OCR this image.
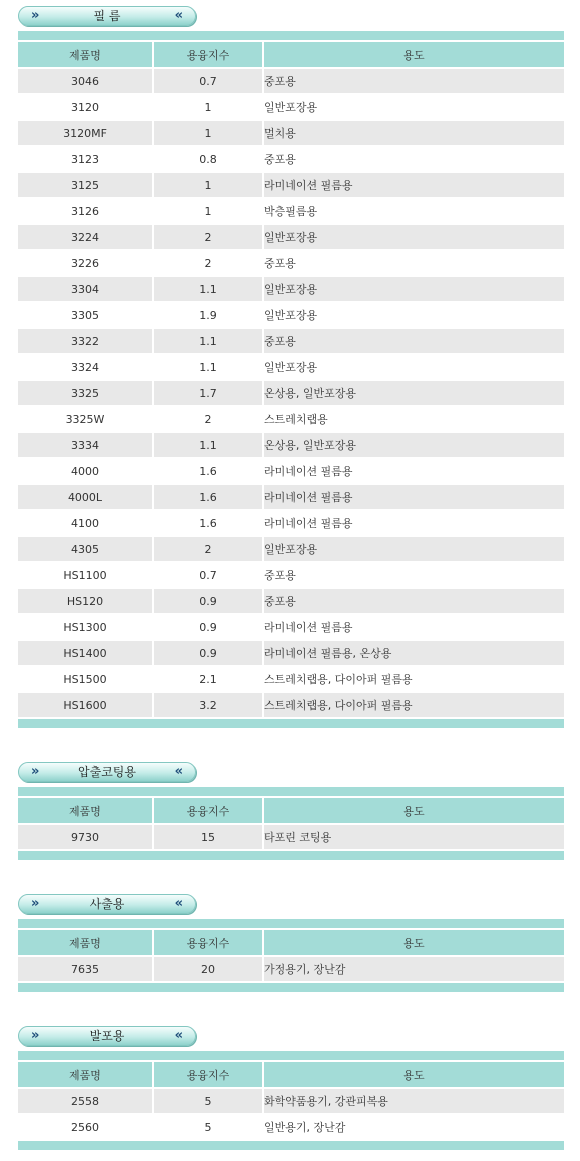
»	필 름	«
제품명	용융지수	용도
3046	0.7	중포용
3120	1	일반포장용
3120MF	1	멀치용
3123	0.8	중포용
3125	1	라미네이션 필름용
3126	1	박층필름용
3224	2	일반포장용
3226	2	중포용
3304	1.1	일반포장용
3305	1.9	일반포장용
3322	1.1	중포용
3324	1.1	일반포장용
3325	1.7	온상용, 일반포장용
3325W	2	스트레치랩용
3334	1.1	온상용, 일반포장용
4000	1.6	라미네이션 필름용
4000L	1.6	라미네이션 필름용
4100	1.6	라미네이션 필름용
4305	2	일반포장용
HS1100	0.7	중포용
HS120	0.9	중포용
HS1300	0.9	라미네이션 필름용
HS1400	0.9	라미네이션 필름용, 온상용
HS1500	2.1	스트레치랩용, 다이아퍼 필름용
HS1600	3.2	스트레치랩용, 다이아퍼 필름용
»	압출코팅용	«
제품명	용융지수	용도
9730	15	타포린 코팅용
»	사출용	«
제품명	용융지수	용도
7635	20	가정용기, 장난감
»	발포용	«
제품명	용융지수	용도
2558	5	화학약품용기, 강관피복용
2560	5	일반용기, 장난감
